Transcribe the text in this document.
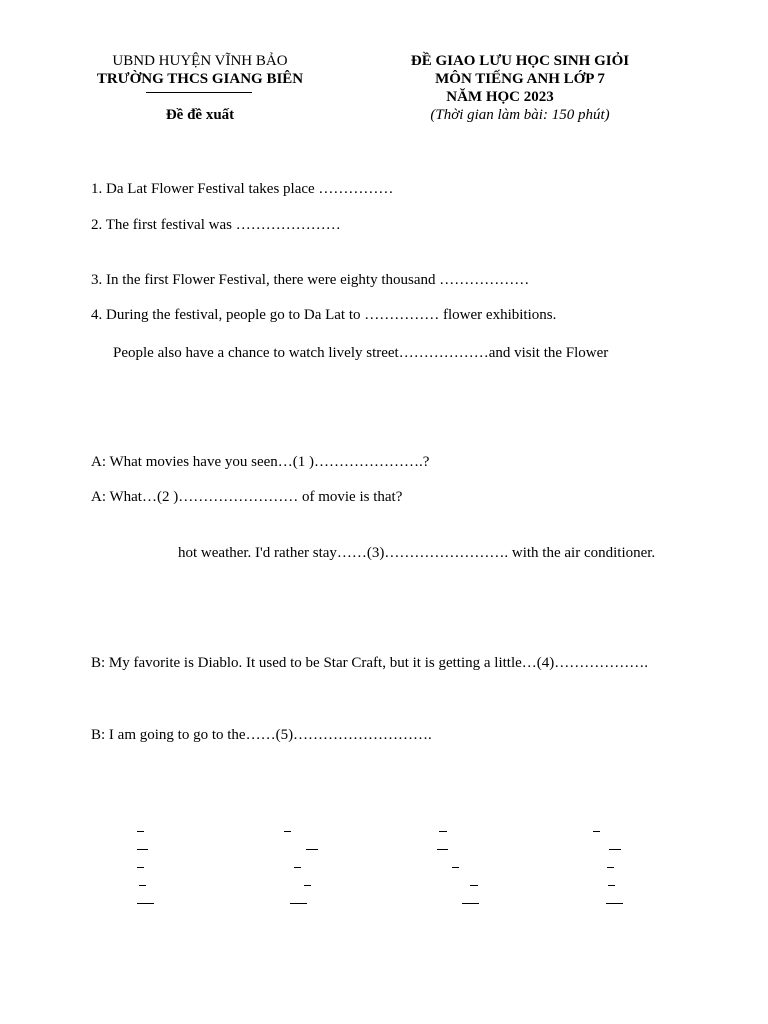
UBND HUYỆN VĨNH BẢO
TRƯỜNG THCS GIANG BIÊN
Đề đề xuất
ĐỀ GIAO LƯU HỌC SINH GIỎI
MÔN TIẾNG ANH LỚP 7
NĂM HỌC 2023
(Thời gian làm bài: 150 phút)
1. Da Lat Flower Festival takes place ……………
2. The first festival was …………………
3. In the first Flower Festival, there were eighty thousand ………………
4. During the festival, people go to Da Lat to …………… flower exhibitions.
People also have a chance to watch lively street………………and visit the Flower
A: What movies have you seen…(1 )………………….?
A: What…(2 )…………………… of movie is that?
hot weather. I'd rather stay……(3)……………………. with the air conditioner.
B: My favorite is Diablo. It used to be Star Craft, but it is getting a little…(4)……………….
B: I am going to go to the……(5)……………………….
